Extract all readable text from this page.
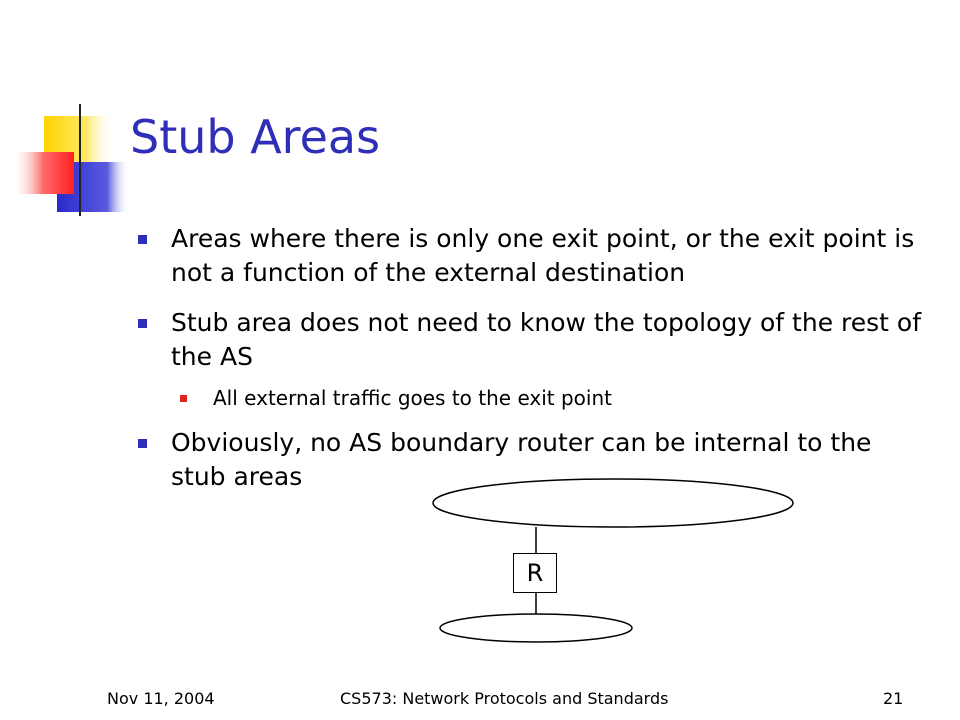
Stub Areas
Areas where there is only one exit point, or the exit point is not a function of the external destination
Stub area does not need to know the topology of the rest of the AS
All external traffic goes to the exit point
Obviously, no AS boundary router can be internal to the stub areas
R
Nov 11, 2004	CS573: Network Protocols and Standards	21
